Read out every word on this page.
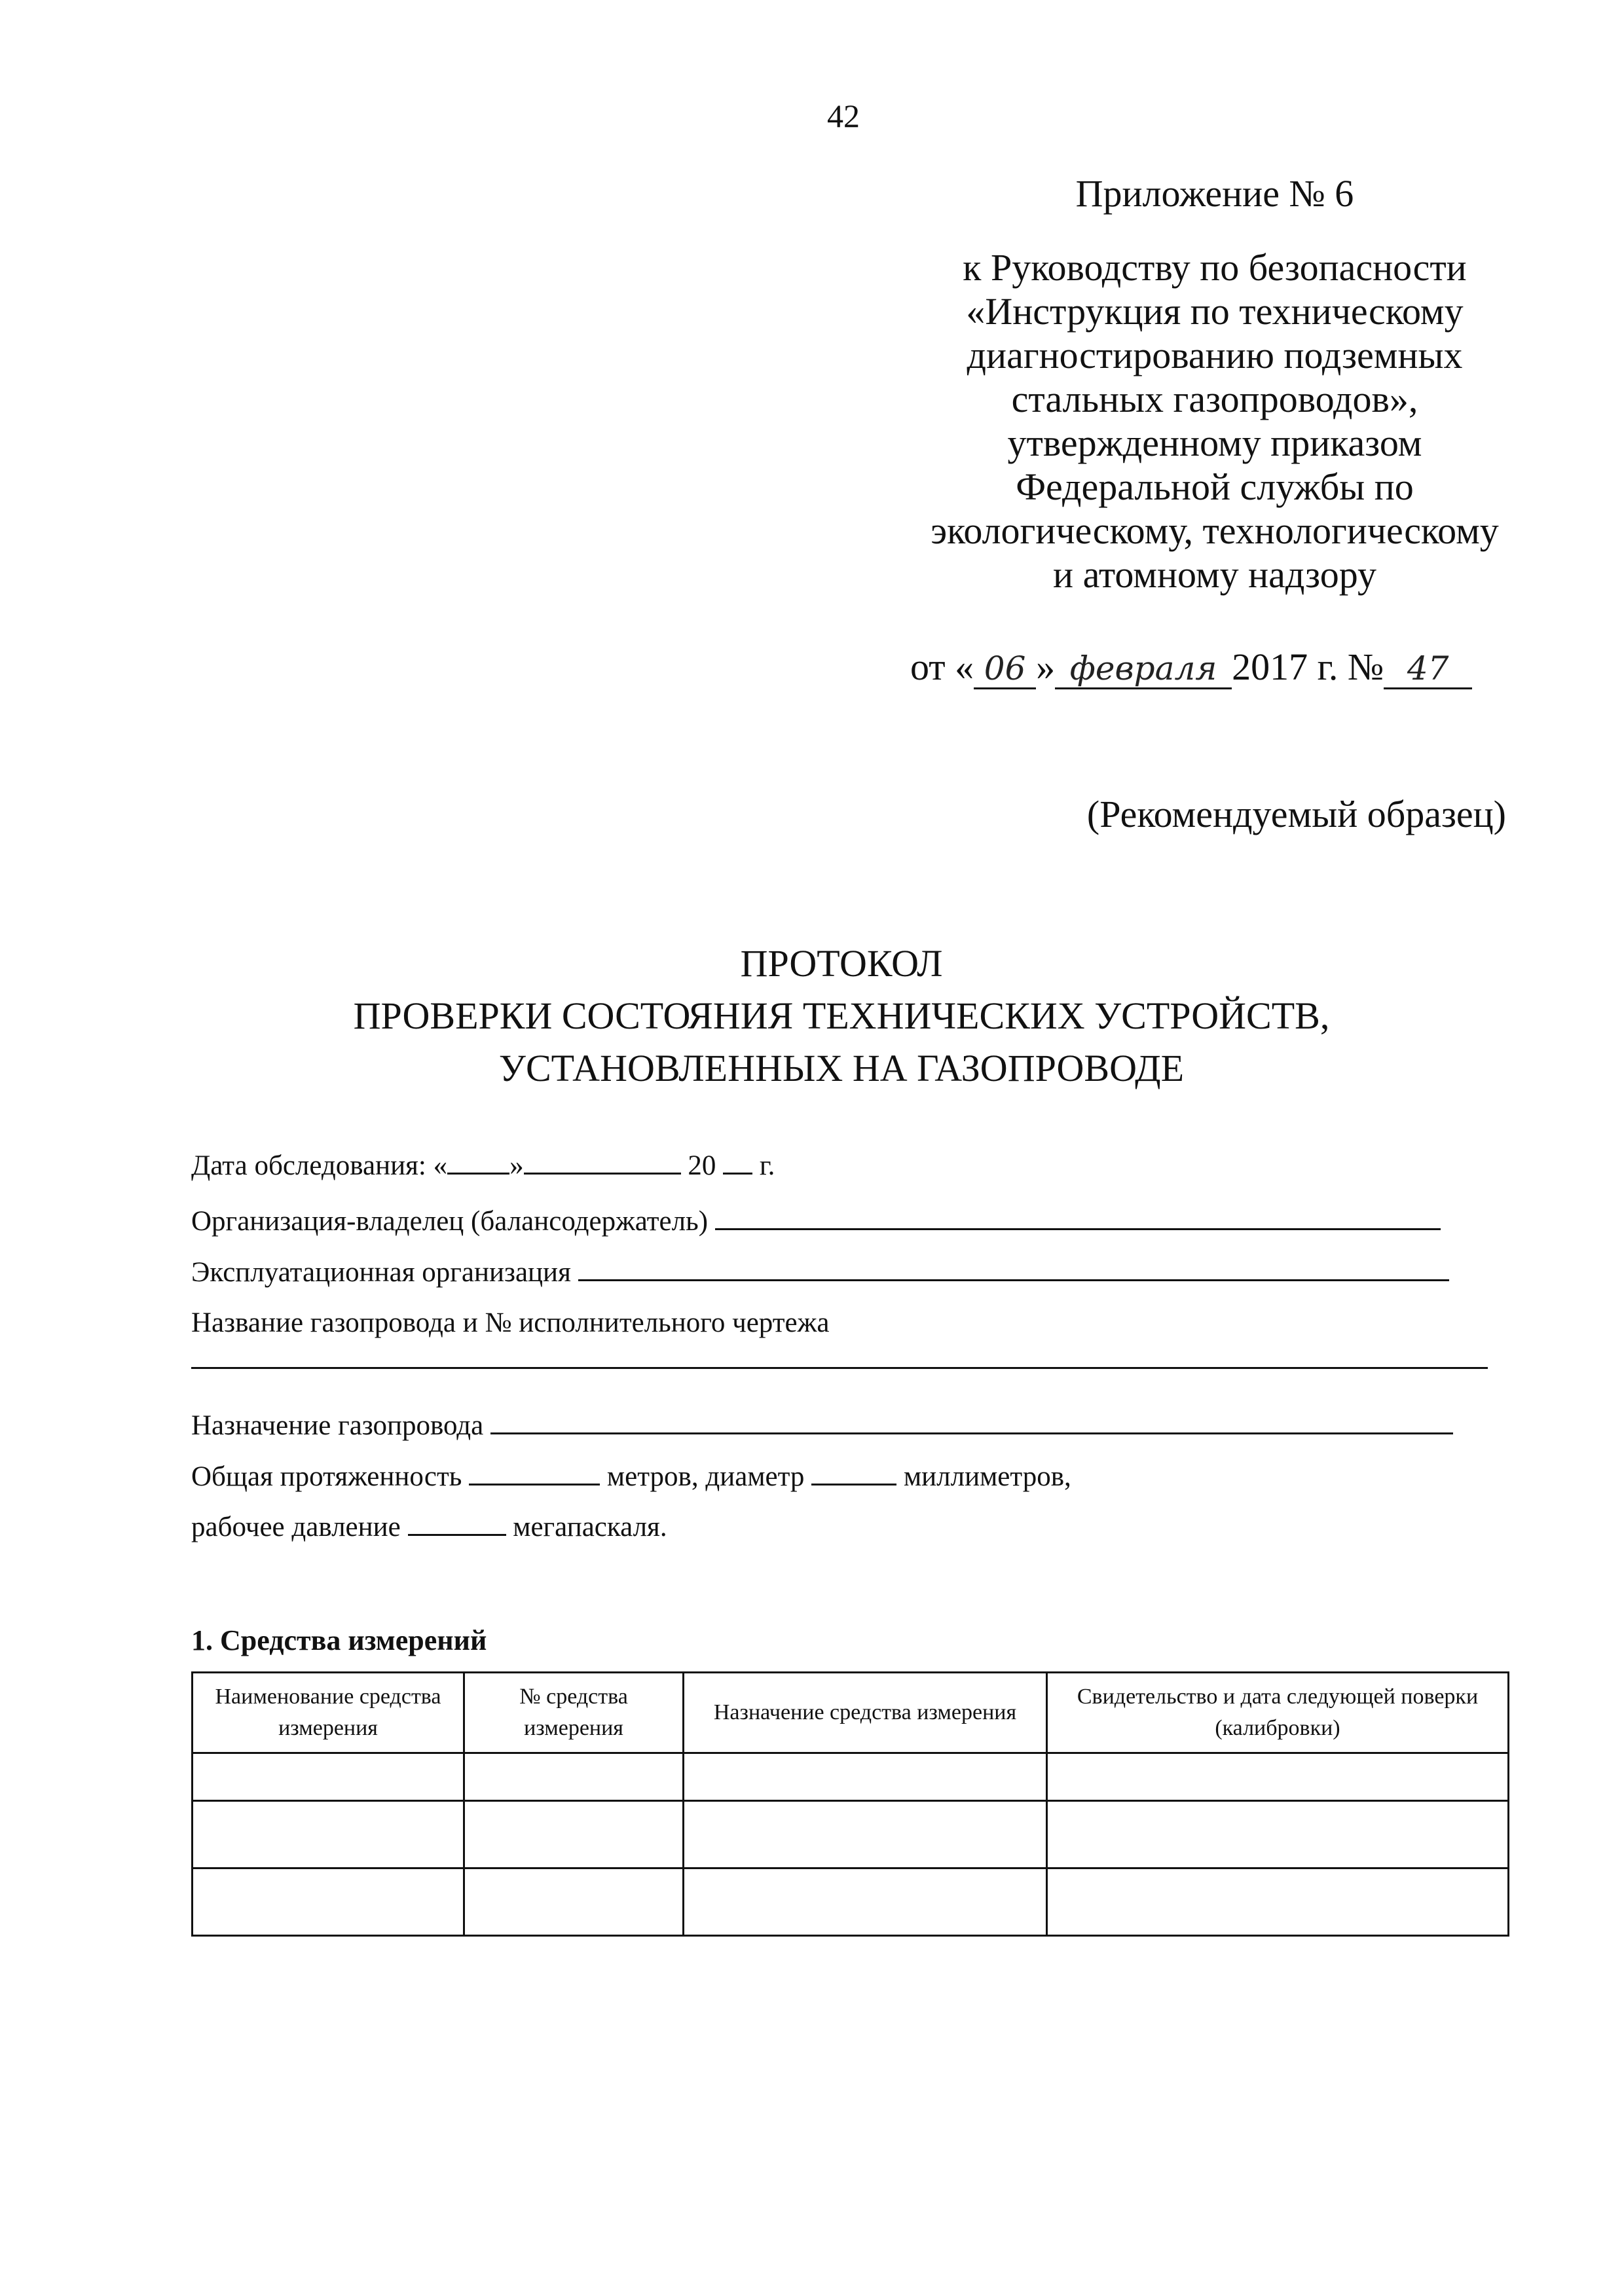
42
Приложение № 6
к Руководству по безопасности
«Инструкция по техническому
диагностированию подземных
стальных газопроводов»,
утвержденному приказом
Федеральной службы по
экологическому, технологическому
и атомному надзору
от « 06 » февраля 2017 г. № 47
(Рекомендуемый образец)
ПРОТОКОЛ
ПРОВЕРКИ СОСТОЯНИЯ ТЕХНИЧЕСКИХ УСТРОЙСТВ,
УСТАНОВЛЕННЫХ НА ГАЗОПРОВОДЕ
Дата обследования: « »	20 г.
Организация-владелец (балансодержатель)
Эксплуатационная организация
Название газопровода и № исполнительного чертежа
Назначение газопровода
Общая протяженность	метров, диаметр	миллиметров,
рабочее давление	мегапаскаля.
1. Средства измерений
Наименование средства измерения	№ средства измерения	Назначение средства измерения	Свидетельство и дата следующей поверки (калибровки)
